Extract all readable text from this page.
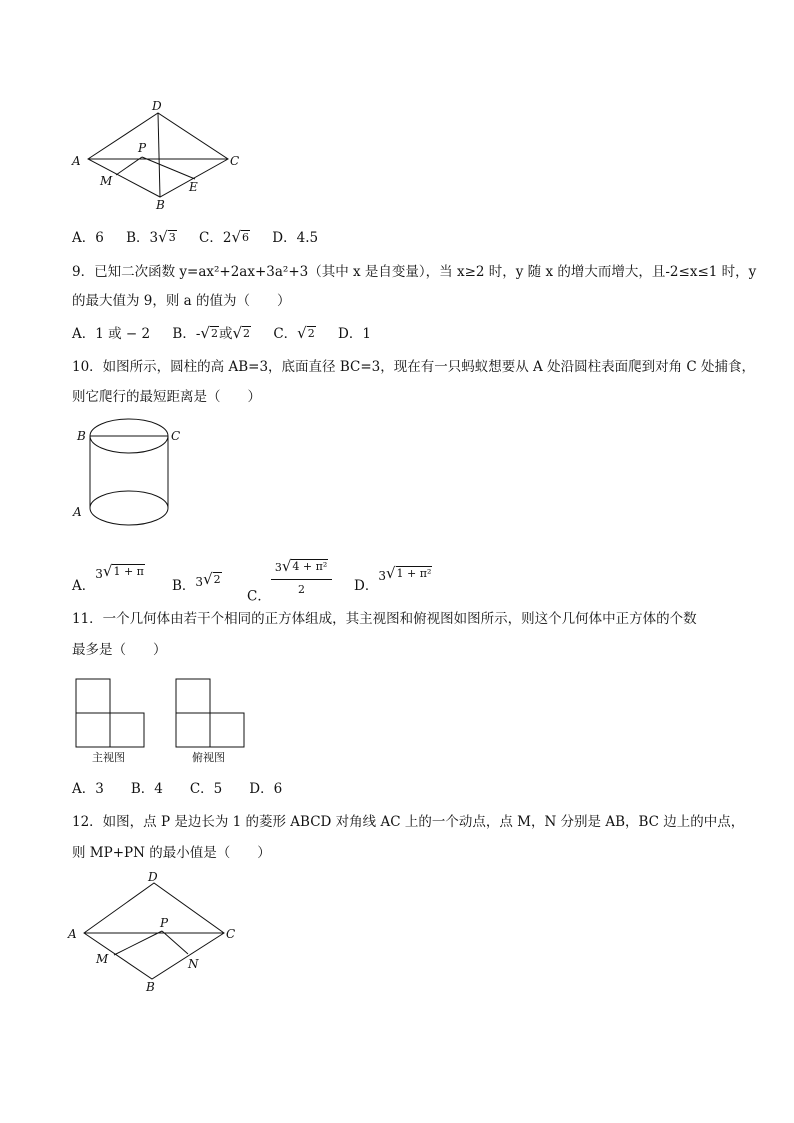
D
A	C
P
M	E
B
A．6 B．3 √ 3 C．2 √ 6 D．4.5
9．已知二次函数 y=ax²+2ax+3a²+3（其中 x 是自变量），当 x≥2 时，y 随 x 的增大而增大，且-2≤x≤1 时，y
的最大值为 9，则 a 的值为（　　）
A．1 或 − 2 B．- √ 2 或 √ 2 C． √ 2 D．1
10．如图所示，圆柱的高 AB=3，底面直径 BC=3，现在有一只蚂蚁想要从 A 处沿圆柱表面爬到对角 C 处捕食，
则它爬行的最短距离是（　　）
B	C
A
A．
3 √ 1 + π
B． 3 √ 2
C． $\frac{\text{3 √ 4 + π²}}{2}$ D．
3 √ 1 + π²
11．一个几何体由若干个相同的正方体组成，其主视图和俯视图如图所示，则这个几何体中正方体的个数
最多是（　　）
主视图	俯视图
A．3　　B．4　　C．5　　D．6
12．如图，点 P 是边长为 1 的菱形 ABCD 对角线 AC 上的一个动点，点 M，N 分别是 AB，BC 边上的中点，
则 MP+PN 的最小值是（　　）
D
A	C
P
M	N
B
